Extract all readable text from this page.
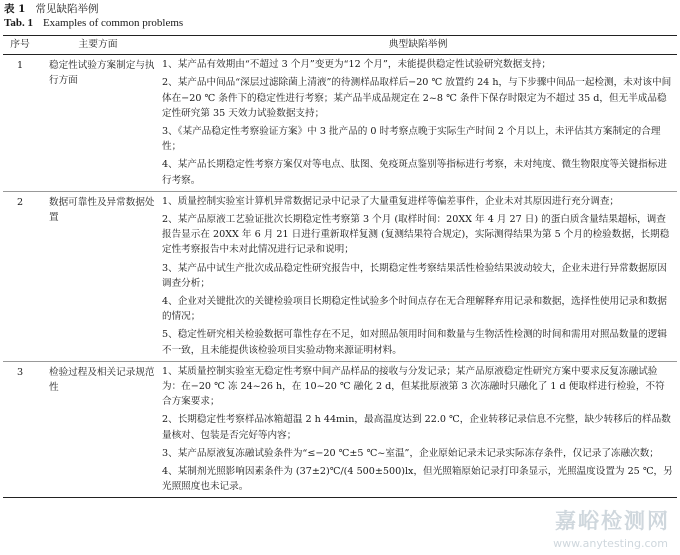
表 1 常见缺陷举例
Tab. 1 Examples of common problems
序号	主要方面	典型缺陷举例
1	稳定性试验方案制定与执行方面	1、某产品有效期由“不超过 3 个月”变更为“12 个月”，未能提供稳定性试验研究数据支持；

2、某产品中间品“深层过滤除菌上清液”的待测样品取样后−20 ℃ 放置约 24 h，与下步骤中间品一起检测，未对该中间体在−20 ℃ 条件下的稳定性进行考察；某产品半成品规定在 2~8 ℃ 条件下保存时限定为不超过 35 d，但无半成品稳定性研究第 35 天效力试验数据支持；

3、《某产品稳定性考察验证方案》中 3 批产品的 0 时考察点晚于实际生产时间 2 个月以上，未评估其方案制定的合理性；

4、某产品长期稳定性考察方案仅对等电点、肽图、免疫斑点鉴别等指标进行考察，未对纯度、微生物限度等关键指标进行考察。

2	数据可靠性及异常数据处置	1、质量控制实验室计算机异常数据记录中记录了大量重复进样等偏差事件，企业未对其原因进行充分调查；

2、某产品原液工艺验证批次长期稳定性考察第 3 个月 (取样时间：20XX 年 4 月 27 日) 的蛋白质含量结果超标，调查报告显示在 20XX 年 6 月 21 日进行重新取样复测 (复测结果符合规定)，实际测得结果为第 5 个月的检验数据，长期稳定性考察报告中未对此情况进行记录和说明；

3、某产品中试生产批次成品稳定性研究报告中，长期稳定性考察结果活性检验结果波动较大，企业未进行异常数据原因调查分析；

4、企业对关键批次的关键检验项目长期稳定性试验多个时间点存在无合理解释弃用记录和数据，选择性使用记录和数据的情况；

5、稳定性研究相关检验数据可靠性存在不足，如对照品领用时间和数量与生物活性检测的时间和需用对照品数量的逻辑不一致，且未能提供该检验项目实验动物来源证明材料。

3	检验过程及相关记录规范性	1、某质量控制实验室无稳定性考察中间产品样品的接收与分发记录；某产品原液稳定性研究方案中要求反复冻融试验为：在−20 ℃ 冻 24~26 h，在 10~20 ℃ 融化 2 d，但某批原液第 3 次冻融时只融化了 1 d 便取样进行检验，不符合方案要求；

2、长期稳定性考察样品冰箱超温 2 h 44min，最高温度达到 22.0 ℃，企业转移记录信息不完整，缺少转移后的样品数量核对、包装是否完好等内容；

3、某产品原液复冻融试验条件为“≤−20 ℃±5 ℃~室温”，企业原始记录未记录实际冻存条件，仅记录了冻融次数；

4、某制剂光照影响因素条件为 (37±2)℃/(4 500±500)lx，但光照箱原始记录打印条显示，光照温度设置为 25 ℃，另光照照度也未记录。

嘉峪检测网
www.anytesting.com
